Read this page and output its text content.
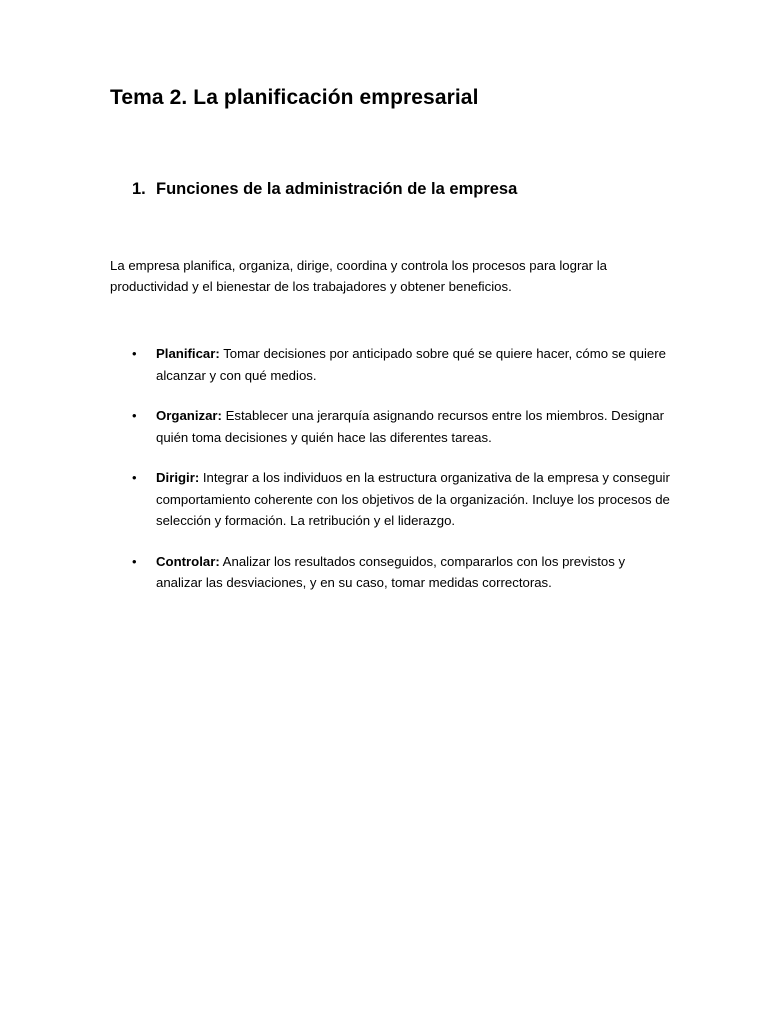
Tema 2. La planificación empresarial
1. Funciones de la administración de la empresa

La empresa planifica, organiza, dirige, coordina y controla los procesos para lograr la productividad y el bienestar de los trabajadores y obtener beneficios.

• Planificar: Tomar decisiones por anticipado sobre qué se quiere hacer, cómo se quiere alcanzar y con qué medios.
• Organizar: Establecer una jerarquía asignando recursos entre los miembros. Designar quién toma decisiones y quién hace las diferentes tareas.
• Dirigir: Integrar a los individuos en la estructura organizativa de la empresa y conseguir comportamiento coherente con los objetivos de la organización. Incluye los procesos de selección y formación. La retribución y el liderazgo.
• Controlar: Analizar los resultados conseguidos, compararlos con los previstos y analizar las desviaciones, y en su caso, tomar medidas correctoras.
